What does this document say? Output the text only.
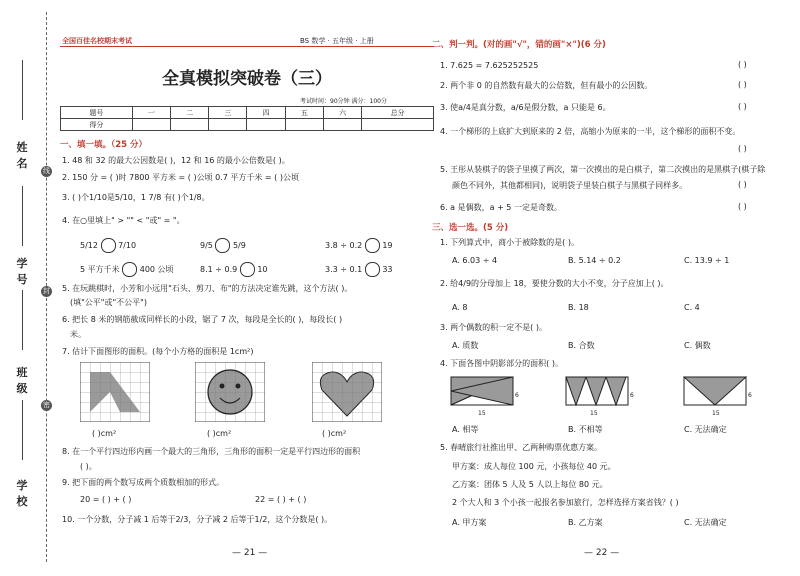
姓名
学号
班级
学校
线
封
密
全国百佳名校期末考试	BS 数学 · 五年级 · 上册
全真模拟突破卷（三）
考试时间：90分钟 满分：100分
题号	一	二	三	四	五	六	总分
得分							
一、填一填。（25 分）
1. 48 和 32 的最大公因数是( )，12 和 16 的最小公倍数是( )。
2. 150 分 = ( )时 7800 平方米 = ( )公顷 0.7 平方千米 = ( )公顷
3. ( )个1/10是5/10，1 7/8 有( )个1/8。
4. 在○里填上" > "" < "或" = "。
5/12	7/10	9/5	5/9	3.8 ÷ 0.2	19
5 平方千米	400 公顷	8.1 ÷ 0.9	10	3.3 ÷ 0.1	33
5. 在玩跳棋时，小芳和小远用"石头、剪刀、布"的方法决定谁先跳，这个方法( )。
(填"公平"或"不公平")
6. 把长 8 米的钢筋截成同样长的小段，锯了 7 次，每段是全长的( )，每段长( )
米。
7. 估计下面图形的面积。(每个小方格的面积是 1cm²)
( )cm²	( )cm²	( )cm²
8. 在一个平行四边形内画一个最大的三角形，三角形的面积一定是平行四边形的面积
( )。
9. 把下面的两个数写成两个质数相加的形式。
20 = ( ) + ( )	22 = ( ) + ( )
10. 一个分数，分子减 1 后等于2/3，分子减 2 后等于1/2，这个分数是( )。
— 21 —
二、判一判。(对的画"√"，错的画"×")(6 分)
1. 7.625 = 7.625252525	( )
2. 两个非 0 的自然数有最大的公倍数，但有最小的公因数。	( )
3. 使a/4是真分数，a/6是假分数，a 只能是 6。	( )
4. 一个梯形的上底扩大到原来的 2 倍，高缩小为原来的一半，这个梯形的面积不变。
( )
5. 王彤从装棋子的袋子里摸了两次，第一次摸出的是白棋子，第二次摸出的是黑棋子(棋子除
颜色不同外，其他都相同)，说明袋子里装白棋子与黑棋子同样多。	( )
6. a 是偶数，a + 5 一定是奇数。	( )
三、选一选。(5 分)
1. 下列算式中，商小于被除数的是( )。
A. 6.03 ÷ 4	B. 5.14 ÷ 0.2	C. 13.9 ÷ 1
2. 给4/9的分母加上 18，要使分数的大小不变，分子应加上( )。
A. 8	B. 18	C. 4
3. 两个偶数的积一定不是( )。
A. 质数	B. 合数	C. 偶数
4. 下面各图中阴影部分的面积( )。
15
6
15
6
15
6
A. 相等	B. 不相等	C. 无法确定
5. 春晴旅行社推出甲、乙两种购票优惠方案。
甲方案：成人每位 100 元，小孩每位 40 元。
乙方案：团体 5 人及 5 人以上每位 80 元。
2 个大人和 3 个小孩一起报名参加旅行，怎样选择方案省钱？( )
A. 甲方案	B. 乙方案	C. 无法确定
— 22 —
